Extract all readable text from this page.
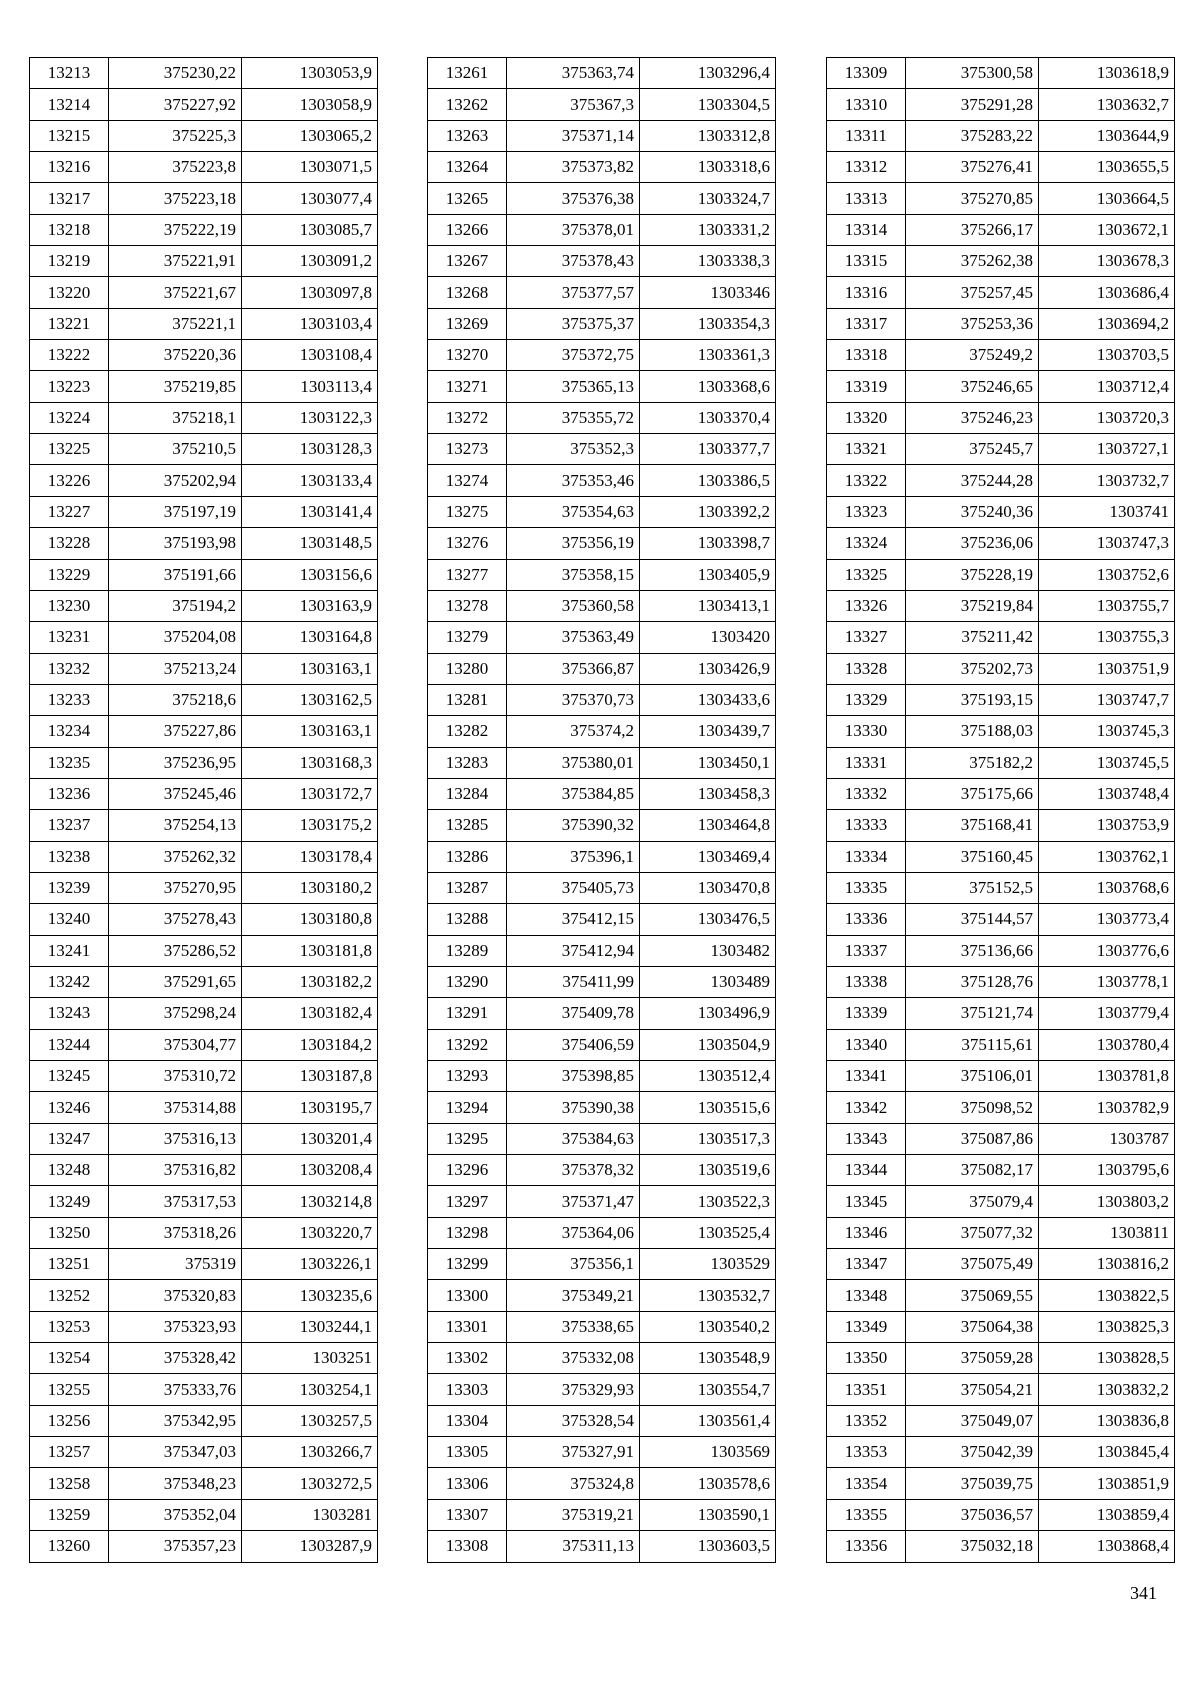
13213	375230,22	1303053,9
13214	375227,92	1303058,9
13215	375225,3	1303065,2
13216	375223,8	1303071,5
13217	375223,18	1303077,4
13218	375222,19	1303085,7
13219	375221,91	1303091,2
13220	375221,67	1303097,8
13221	375221,1	1303103,4
13222	375220,36	1303108,4
13223	375219,85	1303113,4
13224	375218,1	1303122,3
13225	375210,5	1303128,3
13226	375202,94	1303133,4
13227	375197,19	1303141,4
13228	375193,98	1303148,5
13229	375191,66	1303156,6
13230	375194,2	1303163,9
13231	375204,08	1303164,8
13232	375213,24	1303163,1
13233	375218,6	1303162,5
13234	375227,86	1303163,1
13235	375236,95	1303168,3
13236	375245,46	1303172,7
13237	375254,13	1303175,2
13238	375262,32	1303178,4
13239	375270,95	1303180,2
13240	375278,43	1303180,8
13241	375286,52	1303181,8
13242	375291,65	1303182,2
13243	375298,24	1303182,4
13244	375304,77	1303184,2
13245	375310,72	1303187,8
13246	375314,88	1303195,7
13247	375316,13	1303201,4
13248	375316,82	1303208,4
13249	375317,53	1303214,8
13250	375318,26	1303220,7
13251	375319	1303226,1
13252	375320,83	1303235,6
13253	375323,93	1303244,1
13254	375328,42	1303251
13255	375333,76	1303254,1
13256	375342,95	1303257,5
13257	375347,03	1303266,7
13258	375348,23	1303272,5
13259	375352,04	1303281
13260	375357,23	1303287,9
13261	375363,74	1303296,4
13262	375367,3	1303304,5
13263	375371,14	1303312,8
13264	375373,82	1303318,6
13265	375376,38	1303324,7
13266	375378,01	1303331,2
13267	375378,43	1303338,3
13268	375377,57	1303346
13269	375375,37	1303354,3
13270	375372,75	1303361,3
13271	375365,13	1303368,6
13272	375355,72	1303370,4
13273	375352,3	1303377,7
13274	375353,46	1303386,5
13275	375354,63	1303392,2
13276	375356,19	1303398,7
13277	375358,15	1303405,9
13278	375360,58	1303413,1
13279	375363,49	1303420
13280	375366,87	1303426,9
13281	375370,73	1303433,6
13282	375374,2	1303439,7
13283	375380,01	1303450,1
13284	375384,85	1303458,3
13285	375390,32	1303464,8
13286	375396,1	1303469,4
13287	375405,73	1303470,8
13288	375412,15	1303476,5
13289	375412,94	1303482
13290	375411,99	1303489
13291	375409,78	1303496,9
13292	375406,59	1303504,9
13293	375398,85	1303512,4
13294	375390,38	1303515,6
13295	375384,63	1303517,3
13296	375378,32	1303519,6
13297	375371,47	1303522,3
13298	375364,06	1303525,4
13299	375356,1	1303529
13300	375349,21	1303532,7
13301	375338,65	1303540,2
13302	375332,08	1303548,9
13303	375329,93	1303554,7
13304	375328,54	1303561,4
13305	375327,91	1303569
13306	375324,8	1303578,6
13307	375319,21	1303590,1
13308	375311,13	1303603,5
13309	375300,58	1303618,9
13310	375291,28	1303632,7
13311	375283,22	1303644,9
13312	375276,41	1303655,5
13313	375270,85	1303664,5
13314	375266,17	1303672,1
13315	375262,38	1303678,3
13316	375257,45	1303686,4
13317	375253,36	1303694,2
13318	375249,2	1303703,5
13319	375246,65	1303712,4
13320	375246,23	1303720,3
13321	375245,7	1303727,1
13322	375244,28	1303732,7
13323	375240,36	1303741
13324	375236,06	1303747,3
13325	375228,19	1303752,6
13326	375219,84	1303755,7
13327	375211,42	1303755,3
13328	375202,73	1303751,9
13329	375193,15	1303747,7
13330	375188,03	1303745,3
13331	375182,2	1303745,5
13332	375175,66	1303748,4
13333	375168,41	1303753,9
13334	375160,45	1303762,1
13335	375152,5	1303768,6
13336	375144,57	1303773,4
13337	375136,66	1303776,6
13338	375128,76	1303778,1
13339	375121,74	1303779,4
13340	375115,61	1303780,4
13341	375106,01	1303781,8
13342	375098,52	1303782,9
13343	375087,86	1303787
13344	375082,17	1303795,6
13345	375079,4	1303803,2
13346	375077,32	1303811
13347	375075,49	1303816,2
13348	375069,55	1303822,5
13349	375064,38	1303825,3
13350	375059,28	1303828,5
13351	375054,21	1303832,2
13352	375049,07	1303836,8
13353	375042,39	1303845,4
13354	375039,75	1303851,9
13355	375036,57	1303859,4
13356	375032,18	1303868,4
341
